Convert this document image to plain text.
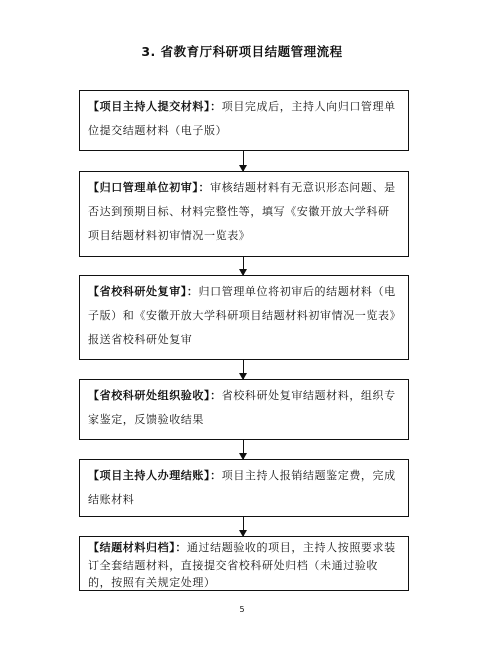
3. 省教育厅科研项目结题管理流程
【项目主持人提交材料】：项目完成后，主持人向归口管理单位提交结题材料（电子版）
【归口管理单位初审】：审核结题材料有无意识形态问题、是否达到预期目标、材料完整性等，填写《安徽开放大学科研项目结题材料初审情况一览表》
【省校科研处复审】：归口管理单位将初审后的结题材料（电子版）和《安徽开放大学科研项目结题材料初审情况一览表》报送省校科研处复审
【省校科研处组织验收】：省校科研处复审结题材料，组织专家鉴定，反馈验收结果
【项目主持人办理结账】：项目主持人报销结题鉴定费，完成结账材料
【结题材料归档】：通过结题验收的项目，主持人按照要求装订全套结题材料，直接提交省校科研处归档（未通过验收的，按照有关规定处理）
5
